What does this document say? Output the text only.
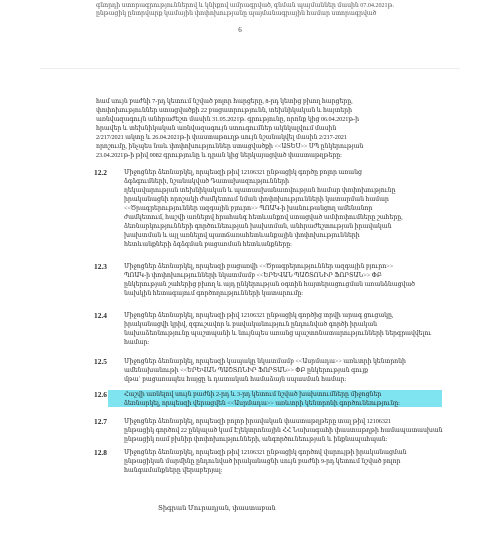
գնորդի ստորագրություններով և կնիքով ամրագրված, գնման պայմաններ մասին 07.04.2021թ.
ընթացիկ ընտրվարք կամային փոփոխությանը պայմանագրային համար ստորագրված
6
համ սույն բաժնի 7-րդ կետում նշված բոլոր հարցերը, 8-րդ կետից բխող հարցերը,
փոփոխություններ ստացվածքի 22 բացատրությունն, տեխնիկական և հայտերի
առնվազագույն անհրաժեշտ մասին 31.05.2021թ. գրությունը, որոնք կից 06.04.2021թ-ի
հրավեր և տեխնիկական առնվազագույն ստուգումներ ակնկալվում մասին
2/217/2021 ակտը և 26.04.2021թ-ի փաստաթուղթ սույն նշանակվել մասին 2/217-2021
որոշումը, ինչպես նաև փոփոխություններ ստացվածքի <<ԱՏԵՍ>> ՍՊ ընկերության
23.04.2021թ-ի թիվ 0082 գրությունը և դրան կից ներկայացված փաստաթղթերը:
12.2	Միջոցներ ձեռնարկել, որպեսզի թիվ 12106321 ընթացիկ գործը բոլոր առանց
ձգձգումների, նշանակված Դատախազությունների
ղեկավարության տեխնիկական և պատասխանատվության համար փոփոխությունը
իրականացնի որոշակի ժամկետում նման փոփոխությունների կատարման համար
<<Ծրագրերություններ ազգային բյուրո>> ՊՈԱԿ-ի խանութանցող ամենանոր
ժամկետում, հաշվի առնելով հրահանգ հետևանքով ստացված ամփոփումները շահերը,
ձեռնարկությունների գործունեության խախտման, անհրաժեշտության իրավական
խախտման և այլ առնելով պատճառահետևանքային փոփոխությունների
հետևանքների ձգձգման բացառման հետևանքները:
12.3	Միջոցներ ձեռնարկել, որպեսզի բացառվի <<Ծրագրերություններ ազգային բյուրո>>
ՊՈԱԿ-ի փոփոխությունների նկատմամբ <<ԵՐԵՎԱՆ ՊԱՇՏՈՆԻՐ ՖՈՐՏԱՆ>> ՓԲ
ընկերության շահերից բխող և այդ ընկերության օգտին հայտերացուցման առանձնացված
նախկին հետագայում գործողությունների կատարումը:
12.4	Միջոցներ ձեռնարկել, որպեսզի թիվ 12106321 ընթացիկ գործից տրվի արագ ցուցակը,
իրականացվի կրիվ, զգուշավոր և բավականություն ընդունված գործի իրական
նախաձեռնությունը պաշտպանի և նույնպես առանց պաշտոնատարությունների ներգրավվելու
համար:
12.5	Միջոցներ ձեռնարկել, որպեսզի կապակը նկատմամբ <<Ասրմադա>> առևտրի կենտրոնի
ամենախանութի <<ԵՐԵՎԱՆ ՊԱՇՏՈՆԻՐ ՖՈՐՏԱՆ>> ՓԲ ընկերության գույք
մթա` բացառապես հայցը և դատական համաձայն սպասման համար:
12.6	Հաշվի առնելով սույն բաժնի 2-րդ և 3-րդ կետում նշված խախտումները միջոցներ
ձեռնարկել, որպեսզի վերացվեն <<Ասրմադա>> առևտրի կենտրոնի գործունեությունը:
12.7	Միջոցներ ձեռնարկել, որպեսզի բոլոր իրավական փաստաթղթերը տալ թիվ 12106321
ընթացիկ գործով 22 ընկալած կամ Էլեկտրոնային ՀՀ Նախագահի փաստաթղթի համապատասխան
ընթացիկ ռամ բխնիր փոփոխությունների, անգործունեության և ինքնապահպան:
12.8	Միջոցներ ձեռնարկել, որպեսզի թիվ 12106321 ընթացիկ գործով վարույթի իրականացման
ընթացիկան մարմինը ընդունված իրականացնի սույն բաժնի 9-րդ կետում նշված բոլոր
հանգամանքները վերաբերյալ:
Տիգրան Մուրադյան, փաստաբան
